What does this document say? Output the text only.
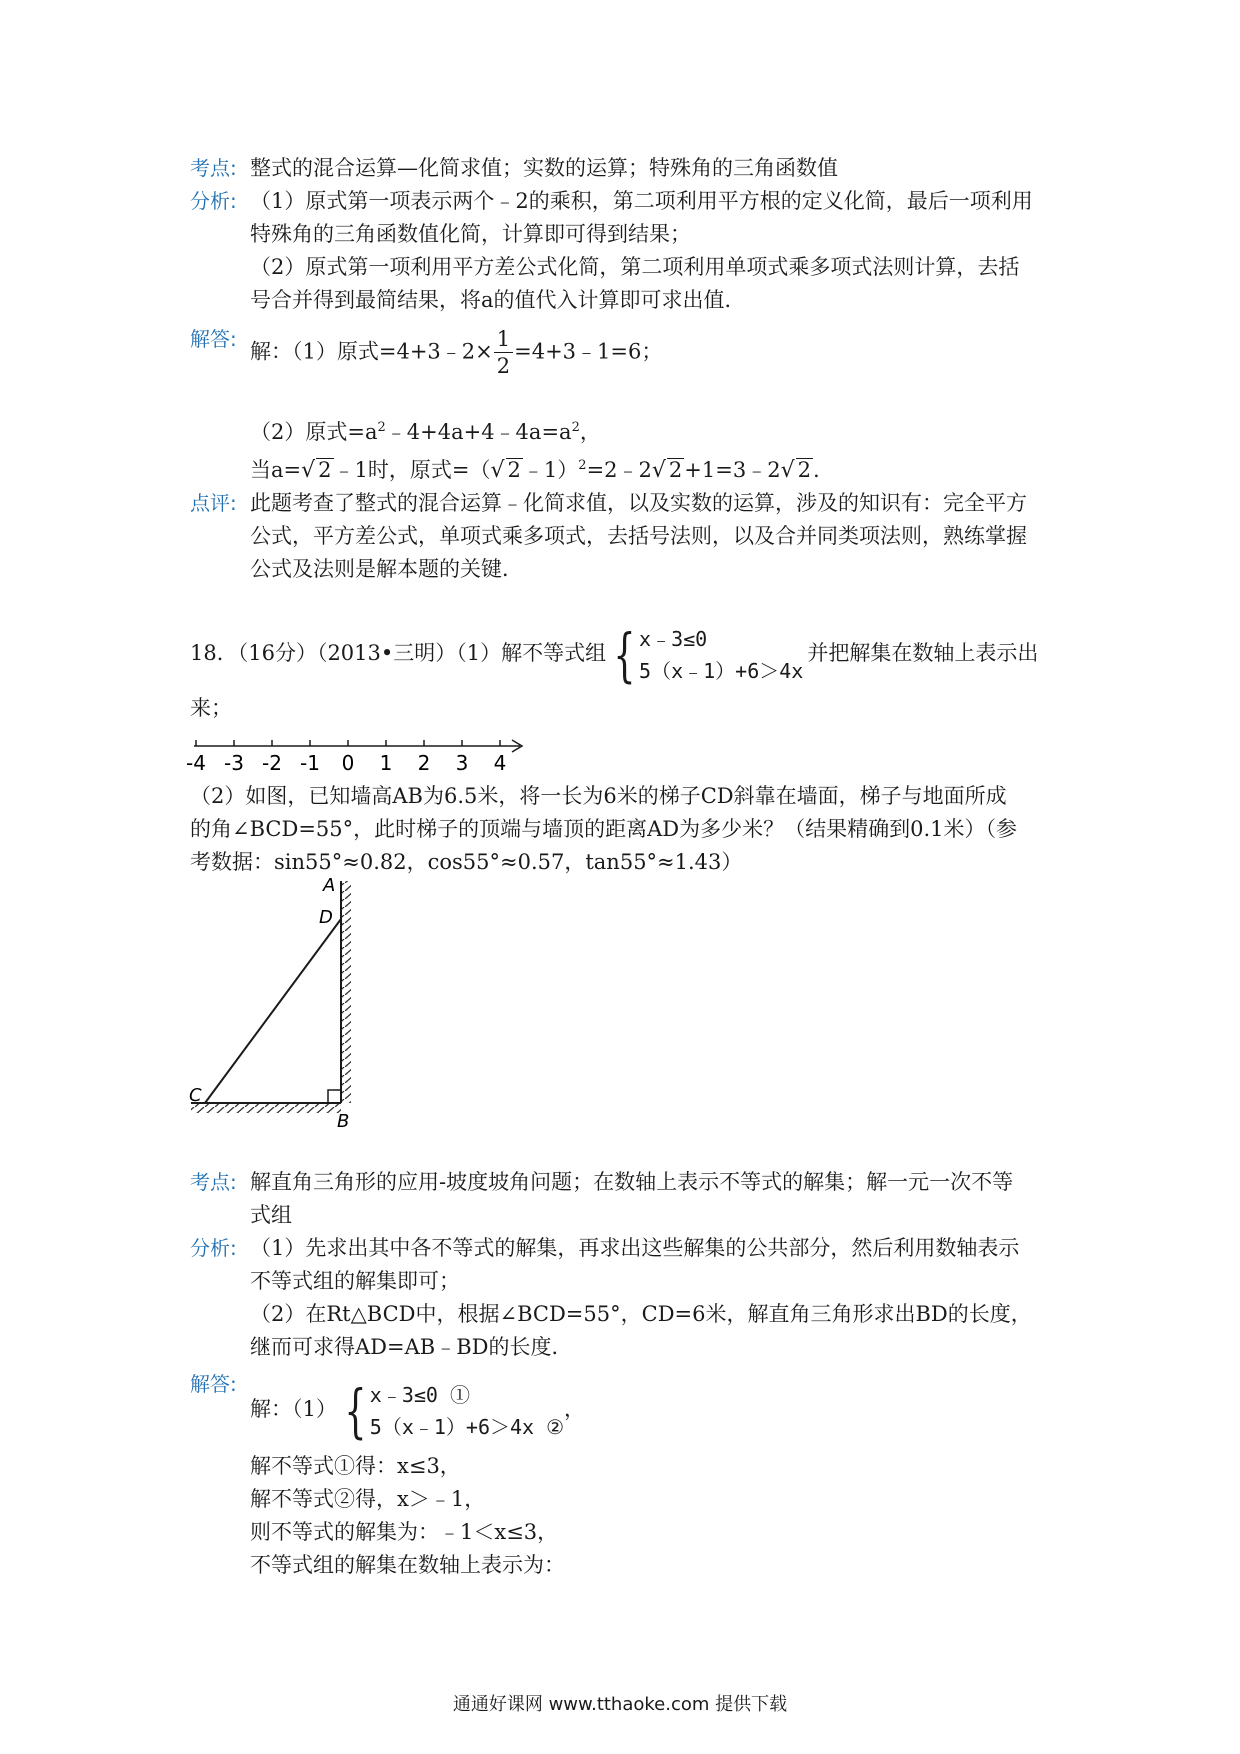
考点: 整式的混合运算—化简求值；实数的运算；特殊角的三角函数值
分析: （1）原式第一项表示两个﹣2的乘积，第二项利用平方根的定义化简，最后一项利用
特殊角的三角函数值化简，计算即可得到结果；
（2）原式第一项利用平方差公式化简，第二项利用单项式乘多项式法则计算，去括
号合并得到最简结果，将a的值代入计算即可求出值．
解答:
解：（1）原式=4+3﹣2× $\frac{1}{2}$ =4+3﹣1=6；
（2）原式$=a^2﹣4+4a+4﹣4a=a^2$，
当a=√ 2﹣1时，原式=（√ 2﹣1）$^2$=2﹣2√ 2+1=3﹣2√ 2.
点评: 此题考查了整式的混合运算﹣化简求值，以及实数的运算，涉及的知识有：完全平方
公式，平方差公式，单项式乘多项式，去括号法则，以及合并同类项法则，熟练掌握
公式及法则是解本题的关键．
18．（16分）（2013•三明）（1）解不等式组 { x﹣3≤0
5（x﹣1）+6＞4x
并把解集在数轴上表示出
来；
-4 -3 -2 -1 0 1 2 3 4
（2）如图，已知墙高AB为6.5米，将一长为6米的梯子CD斜靠在墙面，梯子与地面所成
的角∠BCD=55°，此时梯子的顶端与墙顶的距离AD为多少米？（结果精确到0.1米）（参
考数据：sin55°≈0.82，cos55°≈0.57，tan55°≈1.43）
A
D
C
B
考点: 解直角三角形的应用-坡度坡角问题；在数轴上表示不等式的解集；解一元一次不等
式组
分析: （1）先求出其中各不等式的解集，再求出这些解集的公共部分，然后利用数轴表示
不等式组的解集即可；
（2）在Rt△BCD中，根据∠BCD=55°，CD=6米，解直角三角形求出BD的长度，
继而可求得AD=AB﹣BD的长度．
解答:
解：（1） { x﹣3≤0 ①
5（x﹣1）+6＞4x ②
，
解不等式①得：x≤3，
解不等式②得，x＞﹣1，
则不等式的解集为：﹣1＜x≤3，
不等式组的解集在数轴上表示为：
通通好课网 www.tthaoke.com 提供下载
